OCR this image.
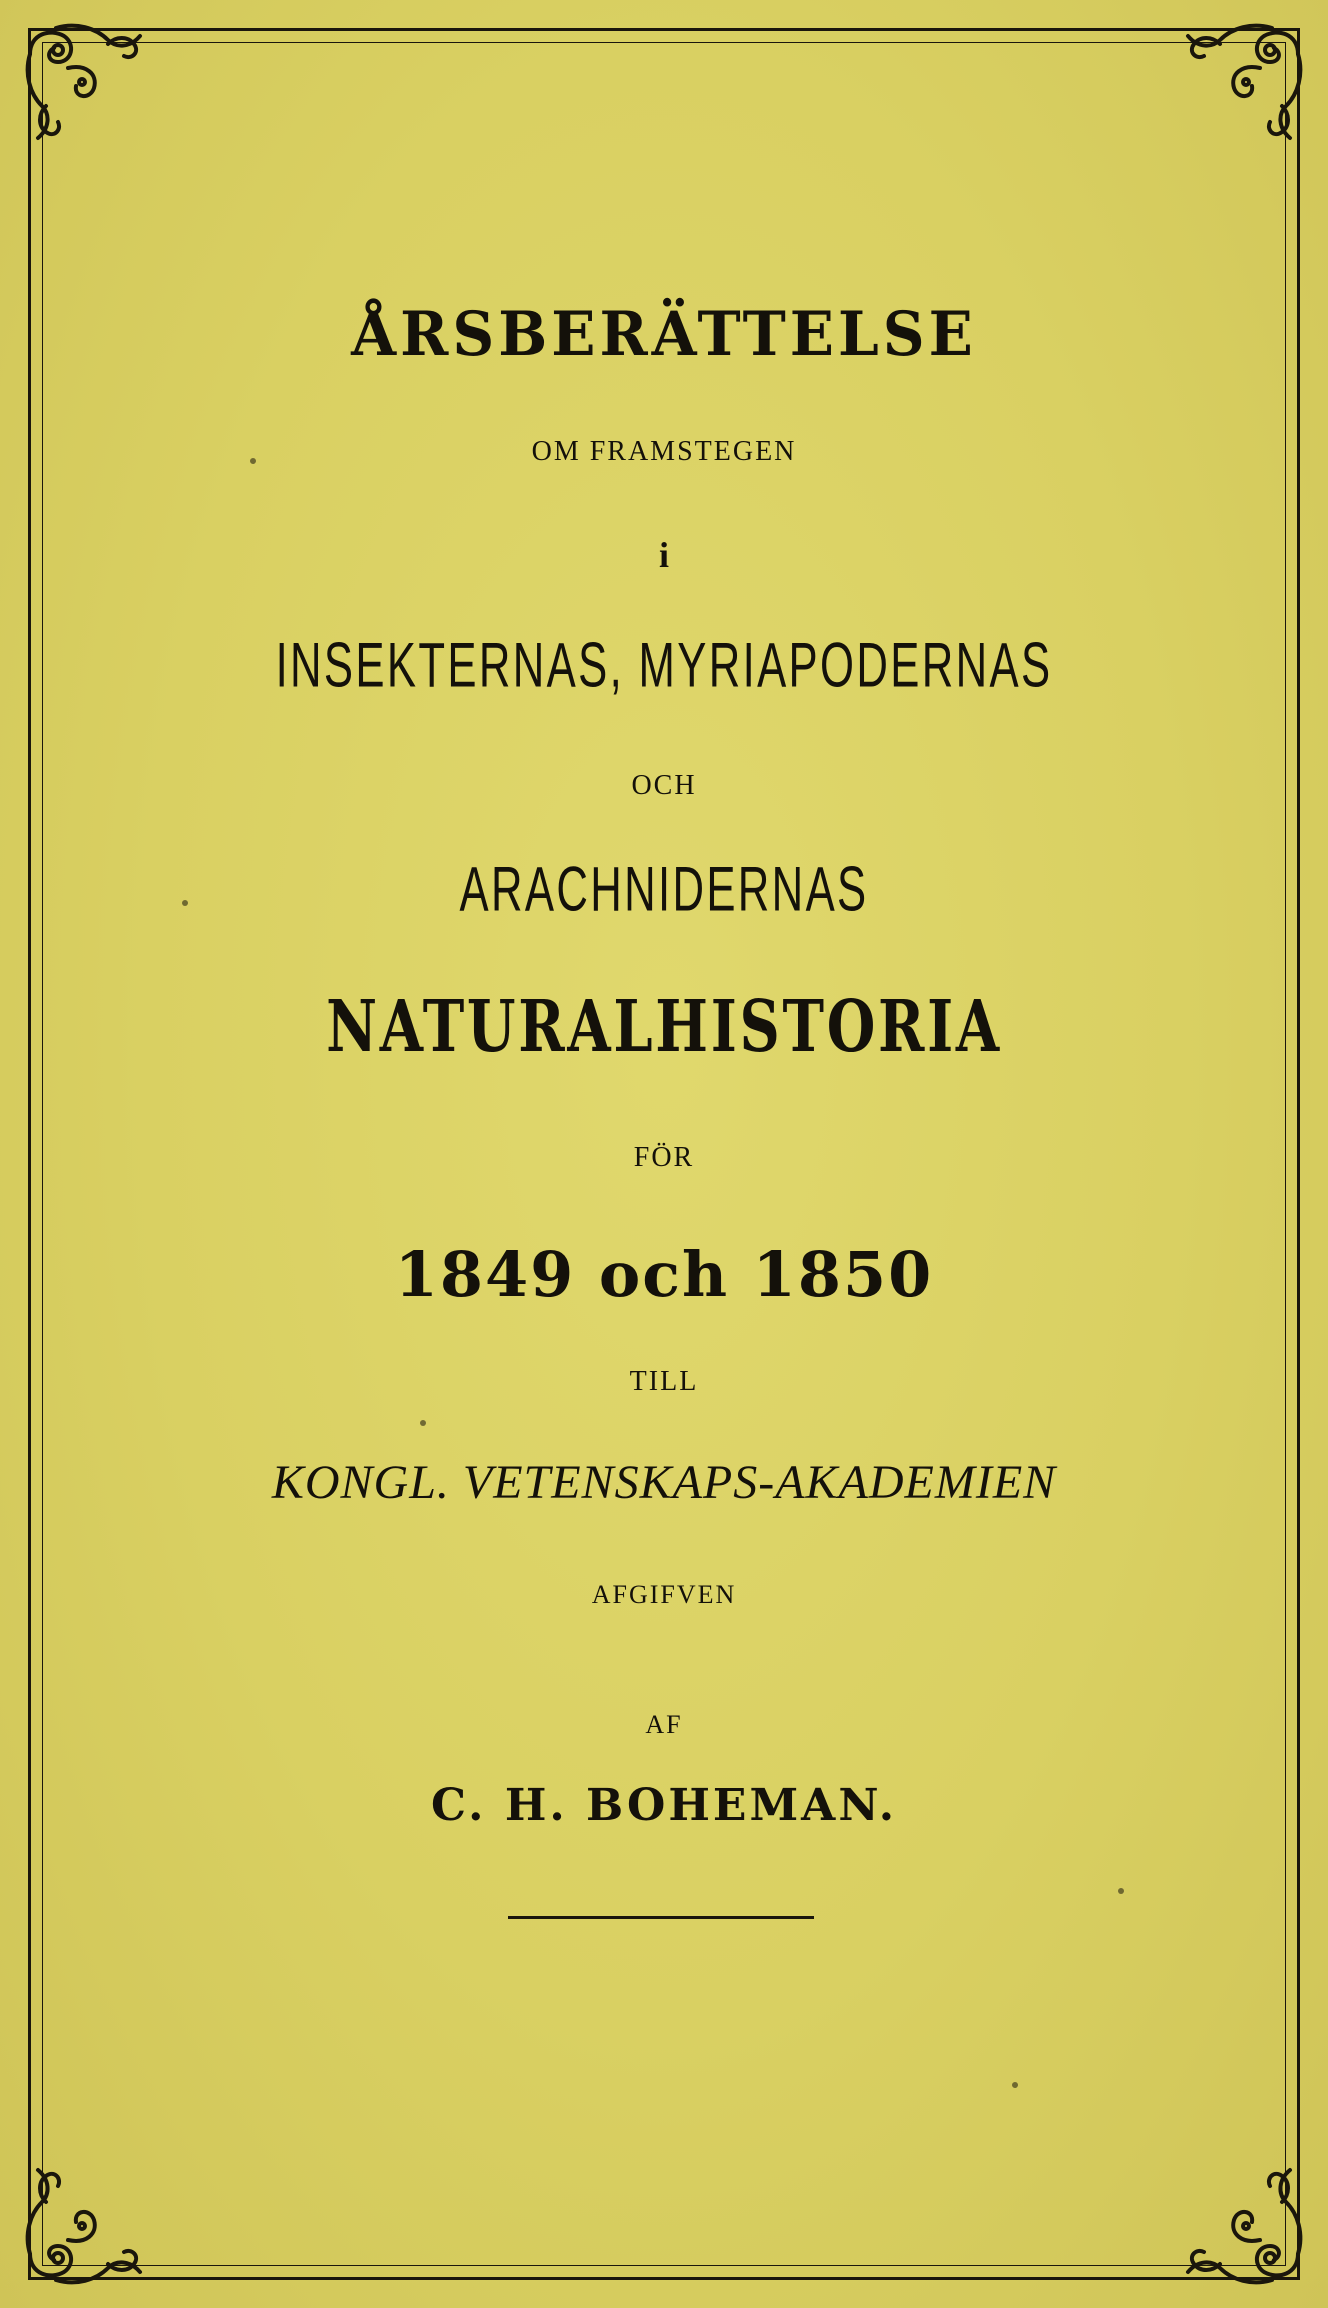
ÅRSBERÄTTELSE

OM FRAMSTEGEN

i

INSEKTERNAS, MYRIAPODERNAS

OCH

ARACHNIDERNAS

NATURALHISTORIA

FÖR

1849 och 1850

TILL

KONGL. VETENSKAPS-AKADEMIEN

AFGIFVEN

AF

C. H. BOHEMAN.
